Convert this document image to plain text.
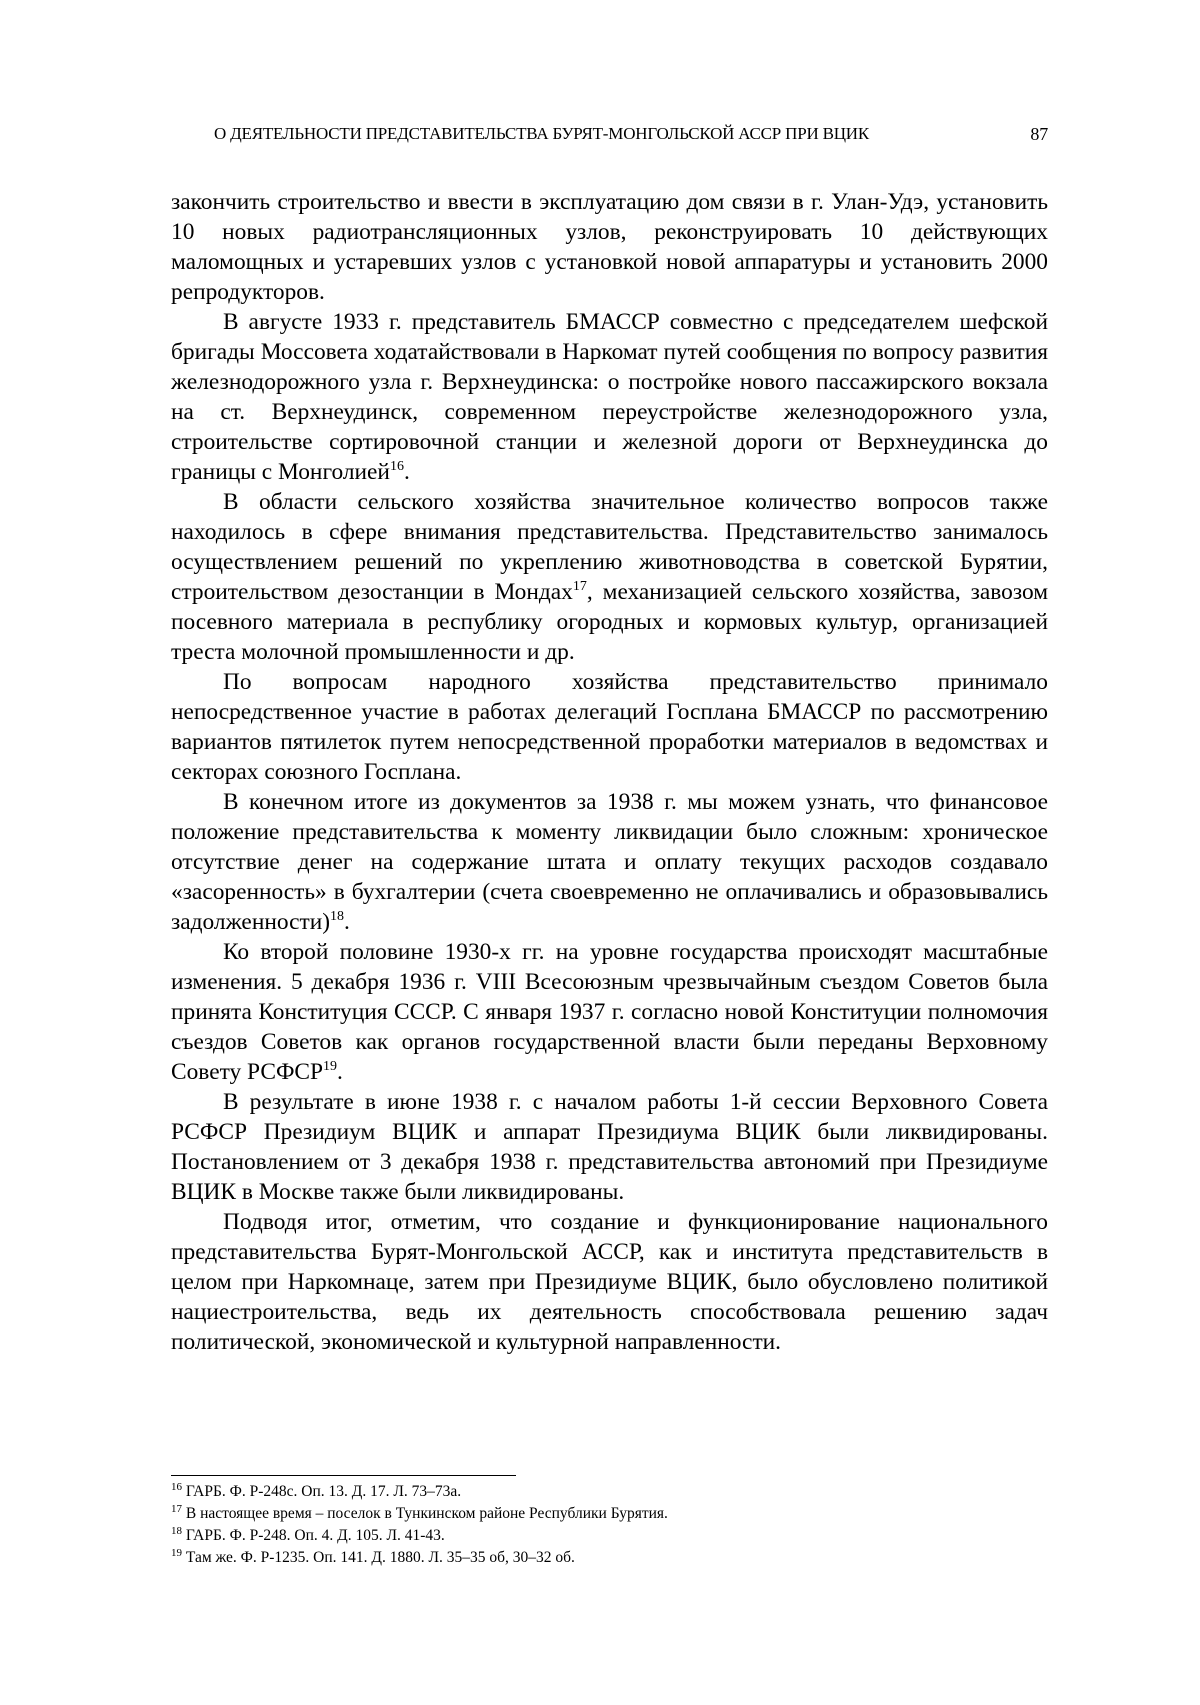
О ДЕЯТЕЛЬНОСТИ ПРЕДСТАВИТЕЛЬСТВА БУРЯТ-МОНГОЛЬСКОЙ АССР ПРИ ВЦИК	87

закончить строительство и ввести в эксплуатацию дом связи в г. Улан-Удэ, установить 10 новых радиотрансляционных узлов, реконструировать 10 действующих маломощных и устаревших узлов с установкой новой аппаратуры и установить 2000 репродукторов.

В августе 1933 г. представитель БМАССР совместно с председателем шефской бригады Моссовета ходатайствовали в Наркомат путей сообщения по вопросу развития железнодорожного узла г. Верхнеудинска: о постройке нового пассажирского вокзала на ст. Верхнеудинск, современном переустройстве железнодорожного узла, строительстве сортировочной станции и железной дороги от Верхнеудинска до границы с Монголией$^{16}$.

В области сельского хозяйства значительное количество вопросов также находилось в сфере внимания представительства. Представительство занималось осуществлением решений по укреплению животноводства в советской Бурятии, строительством дезостанции в Мондах$^{17}$, механизацией сельского хозяйства, завозом посевного материала в республику огородных и кормовых культур, организацией треста молочной промышленности и др.

По вопросам народного хозяйства представительство принимало непосредственное участие в работах делегаций Госплана БМАССР по рассмотрению вариантов пятилеток путем непосредственной проработки материалов в ведомствах и секторах союзного Госплана.

В конечном итоге из документов за 1938 г. мы можем узнать, что финансовое положение представительства к моменту ликвидации было сложным: хроническое отсутствие денег на содержание штата и оплату текущих расходов создавало «засоренность» в бухгалтерии (счета своевременно не оплачивались и образовывались задолженности)$^{18}$.

Ко второй половине 1930-х гг. на уровне государства происходят масштабные изменения. 5 декабря 1936 г. VIII Всесоюзным чрезвычайным съездом Советов была принята Конституция СССР. С января 1937 г. согласно новой Конституции полномочия съездов Советов как органов государственной власти были переданы Верховному Совету РСФСР$^{19}$.

В результате в июне 1938 г. с началом работы 1-й сессии Верховного Совета РСФСР Президиум ВЦИК и аппарат Президиума ВЦИК были ликвидированы. Постановлением от 3 декабря 1938 г. представительства автономий при Президиуме ВЦИК в Москве также были ликвидированы.

Подводя итог, отметим, что создание и функционирование национального представительства Бурят-Монгольской АССР, как и института представительств в целом при Наркомнаце, затем при Президиуме ВЦИК, было обусловлено политикой нациестроительства, ведь их деятельность способствовала решению задач политической, экономической и культурной направленности.

$^{16}$ ГАРБ. Ф. Р-248с. Оп. 13. Д. 17. Л. 73–73а.

$^{17}$ В настоящее время – поселок в Тункинском районе Республики Бурятия.

$^{18}$ ГАРБ. Ф. Р-248. Оп. 4. Д. 105. Л. 41-43.

$^{19}$ Там же. Ф. Р-1235. Оп. 141. Д. 1880. Л. 35–35 об, 30–32 об.
